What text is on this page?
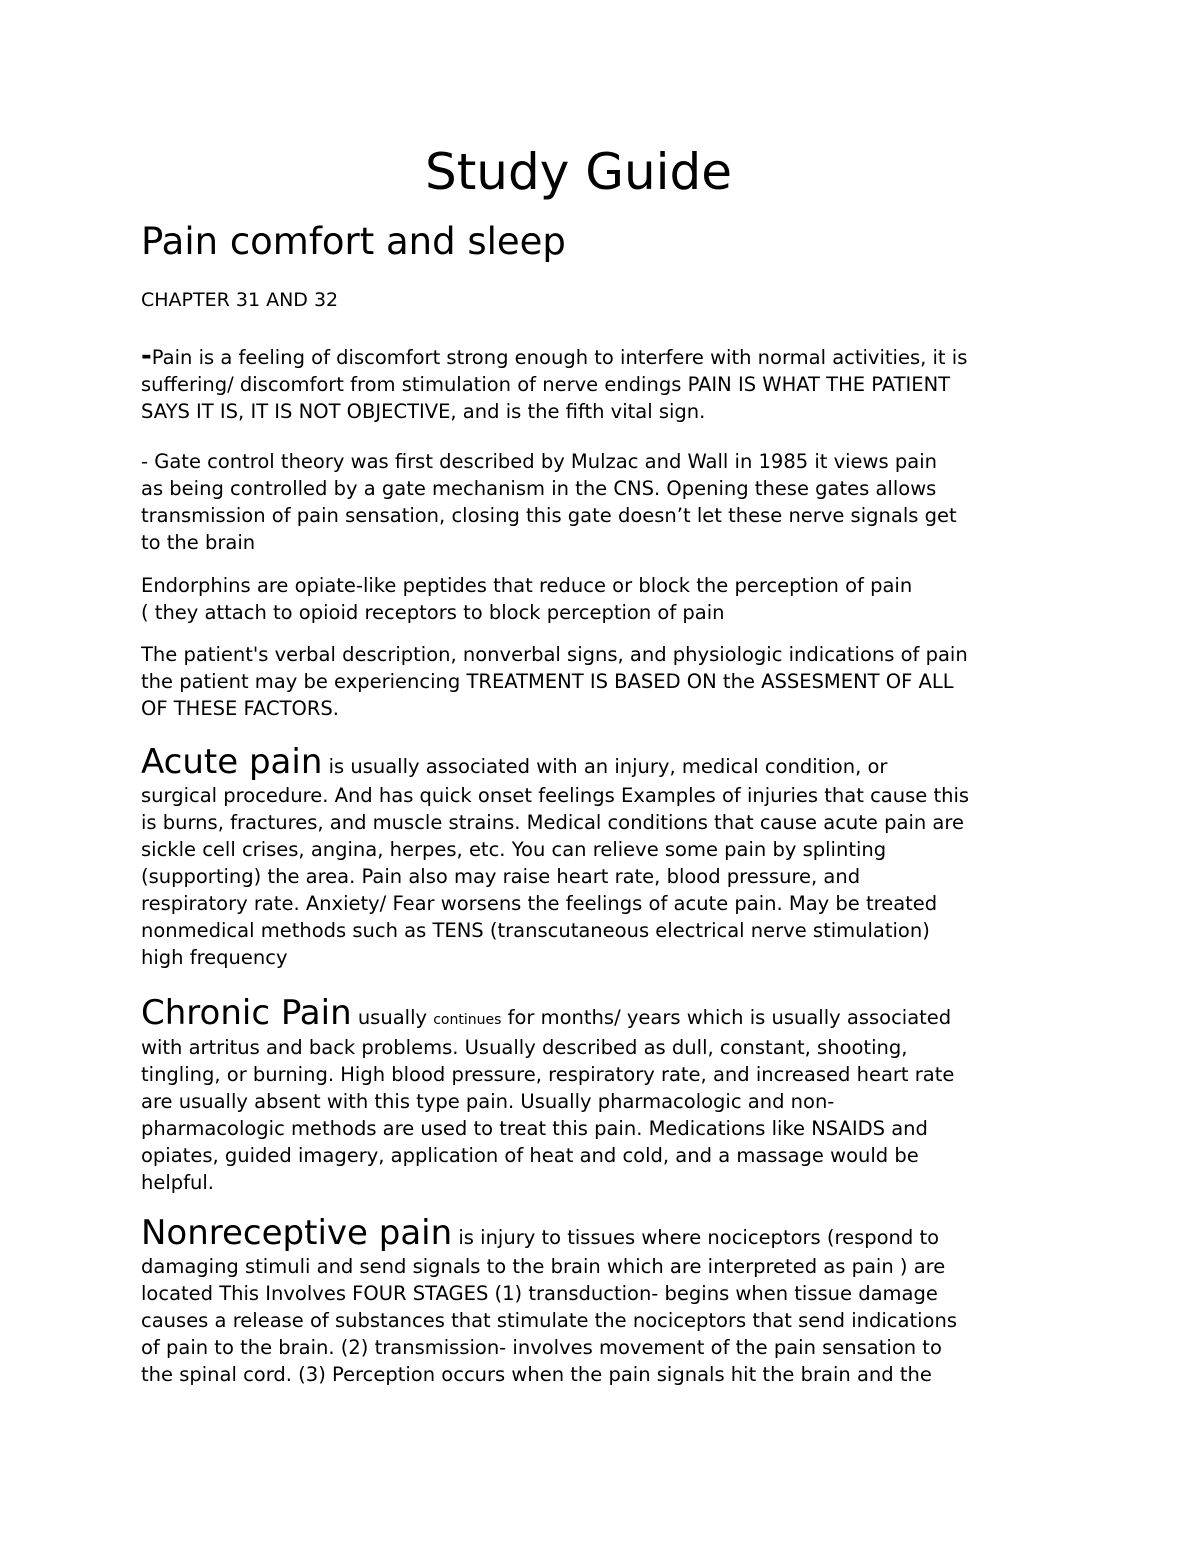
Study Guide
Pain comfort and sleep

CHAPTER 31 AND 32

-Pain is a feeling of discomfort strong enough to interfere with normal activities, it is
suffering/ discomfort from stimulation of nerve endings PAIN IS WHAT THE PATIENT
SAYS IT IS, IT IS NOT OBJECTIVE, and is the fifth vital sign.

- Gate control theory was first described by Mulzac and Wall in 1985 it views pain
as being controlled by a gate mechanism in the CNS. Opening these gates allows
transmission of pain sensation, closing this gate doesn’t let these nerve signals get
to the brain

Endorphins are opiate-like peptides that reduce or block the perception of pain
( they attach to opioid receptors to block perception of pain

The patient's verbal description, nonverbal signs, and physiologic indications of pain
the patient may be experiencing TREATMENT IS BASED ON the ASSESMENT OF ALL
OF THESE FACTORS.

Acute pain is usually associated with an injury, medical condition, or
surgical procedure. And has quick onset feelings Examples of injuries that cause this
is burns, fractures, and muscle strains. Medical conditions that cause acute pain are
sickle cell crises, angina, herpes, etc. You can relieve some pain by splinting
(supporting) the area. Pain also may raise heart rate, blood pressure, and
respiratory rate. Anxiety/ Fear worsens the feelings of acute pain. May be treated
nonmedical methods such as TENS (transcutaneous electrical nerve stimulation)
high frequency

Chronic Pain usually continues for months/ years which is usually associated
with artritus and back problems. Usually described as dull, constant, shooting,
tingling, or burning. High blood pressure, respiratory rate, and increased heart rate
are usually absent with this type pain. Usually pharmacologic and non-
pharmacologic methods are used to treat this pain. Medications like NSAIDS and
opiates, guided imagery, application of heat and cold, and a massage would be
helpful.

Nonreceptive pain is injury to tissues where nociceptors (respond to
damaging stimuli and send signals to the brain which are interpreted as pain ) are
located This Involves FOUR STAGES (1) transduction- begins when tissue damage
causes a release of substances that stimulate the nociceptors that send indications
of pain to the brain. (2) transmission- involves movement of the pain sensation to
the spinal cord. (3) Perception occurs when the pain signals hit the brain and the
